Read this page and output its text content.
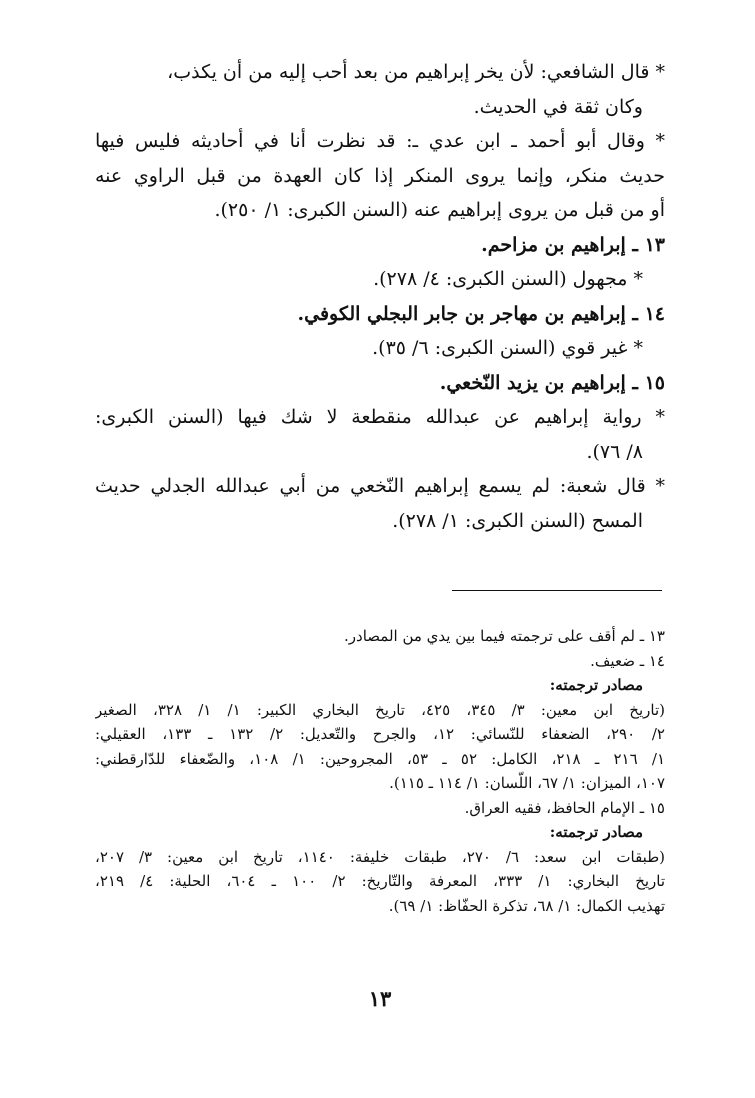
* قال الشافعي: لأن يخر إبراهيم من بعد أحب إليه من أن يكذب،
وكان ثقة في الحديث.
* وقال أبو أحمد ـ ابن عدي ـ: قد نظرت أنا في أحاديثه فليس فيها
حديث منكر، وإنما يروى المنكر إذا كان العهدة من قبل الراوي عنه
أو من قبل من يروى إبراهيم عنه (السنن الكبرى: ١/ ٢٥٠).
١٣ ـ إبراهيم بن مزاحم.
* مجهول (السنن الكبرى: ٤/ ٢٧٨).
١٤ ـ إبراهيم بن مهاجر بن جابر البجلي الكوفي.
* غير قوي (السنن الكبرى: ٦/ ٣٥).
١٥ ـ إبراهيم بن يزيد النّخعي.
* رواية إبراهيم عن عبدالله منقطعة لا شك فيها (السنن الكبرى:
٨/ ٧٦).
* قال شعبة: لم يسمع إبراهيم النّخعي من أبي عبدالله الجدلي حديث
المسح (السنن الكبرى: ١/ ٢٧٨).
١٣ ـ لم أقف على ترجمته فيما بين يدي من المصادر.
١٤ ـ ضعيف.
مصادر ترجمته:
(تاريخ ابن معين: ٣/ ٣٤٥، ٤٢٥، تاريخ البخاري الكبير: ١/ ١/ ٣٢٨، الصغير
٢/ ٢٩٠، الضعفاء للنّسائي: ١٢، والجرح والتّعديل: ٢/ ١٣٢ ـ ١٣٣، العقيلي:
١/ ٢١٦ ـ ٢١٨، الكامل: ٥٢ ـ ٥٣، المجروحين: ١/ ١٠٨، والضّعفاء للدّارقطني:
١٠٧، الميزان: ١/ ٦٧، اللّسان: ١/ ١١٤ ـ ١١٥).
١٥ ـ الإمام الحافظ، فقيه العراق.
مصادر ترجمته:
(طبقات ابن سعد: ٦/ ٢٧٠، طبقات خليفة: ١١٤٠، تاريخ ابن معين: ٣/ ٢٠٧،
تاريخ البخاري: ١/ ٣٣٣، المعرفة والتّاريخ: ٢/ ١٠٠ ـ ٦٠٤، الحلية: ٤/ ٢١٩،
تهذيب الكمال: ١/ ٦٨، تذكرة الحفّاظ: ١/ ٦٩).
١٣
